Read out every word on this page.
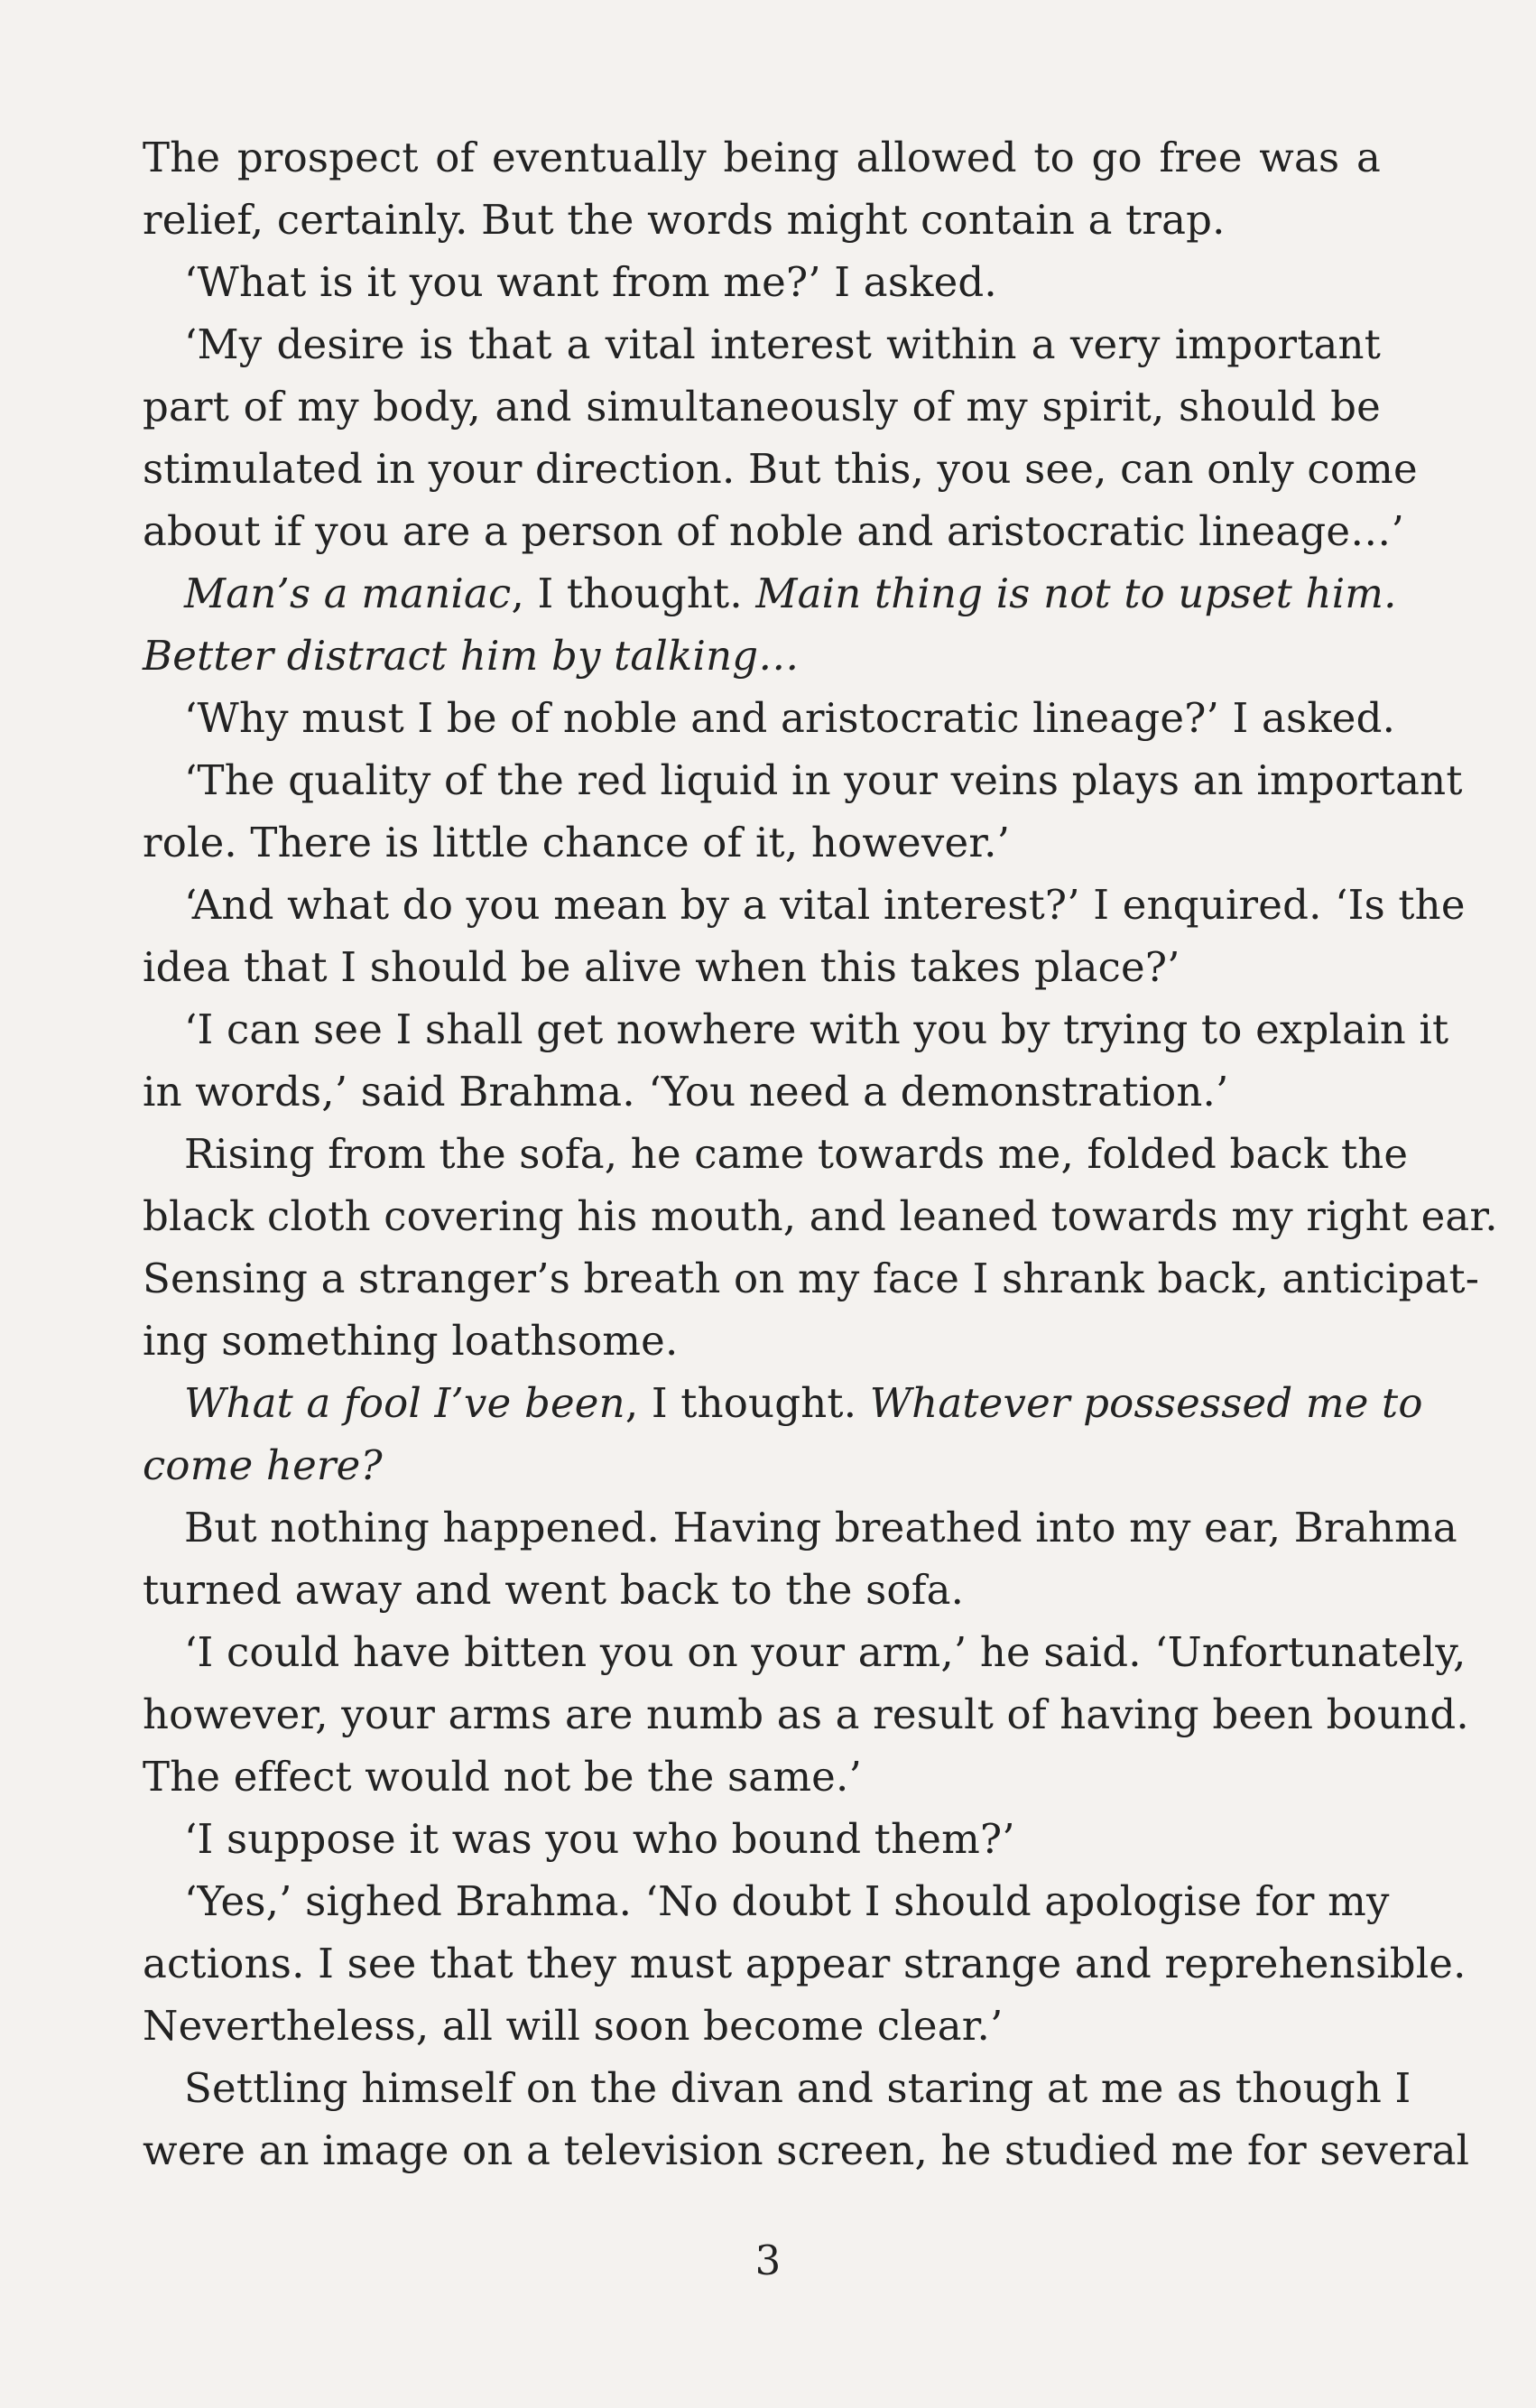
The prospect of eventually being allowed to go free was a
relief, certainly. But the words might contain a trap.
‘What is it you want from me?’ I asked.
‘My desire is that a vital interest within a very important
part of my body, and simultaneously of my spirit, should be
stimulated in your direction. But this, you see, can only come
about if you are a person of noble and aristocratic lineage…’
Man’s a maniac, I thought. Main thing is not to upset him.
Better distract him by talking…
‘Why must I be of noble and aristocratic lineage?’ I asked.
‘The quality of the red liquid in your veins plays an important
role. There is little chance of it, however.’
‘And what do you mean by a vital interest?’ I enquired. ‘Is the
idea that I should be alive when this takes place?’
‘I can see I shall get nowhere with you by trying to explain it
in words,’ said Brahma. ‘You need a demonstration.’
Rising from the sofa, he came towards me, folded back the
black cloth covering his mouth, and leaned towards my right ear.
Sensing a stranger’s breath on my face I shrank back, anticipat-
ing something loathsome.
What a fool I’ve been, I thought. Whatever possessed me to
come here?
But nothing happened. Having breathed into my ear, Brahma
turned away and went back to the sofa.
‘I could have bitten you on your arm,’ he said. ‘Unfortunately,
however, your arms are numb as a result of having been bound.
The effect would not be the same.’
‘I suppose it was you who bound them?’
‘Yes,’ sighed Brahma. ‘No doubt I should apologise for my
actions. I see that they must appear strange and reprehensible.
Nevertheless, all will soon become clear.’
Settling himself on the divan and staring at me as though I
were an image on a television screen, he studied me for several
3
